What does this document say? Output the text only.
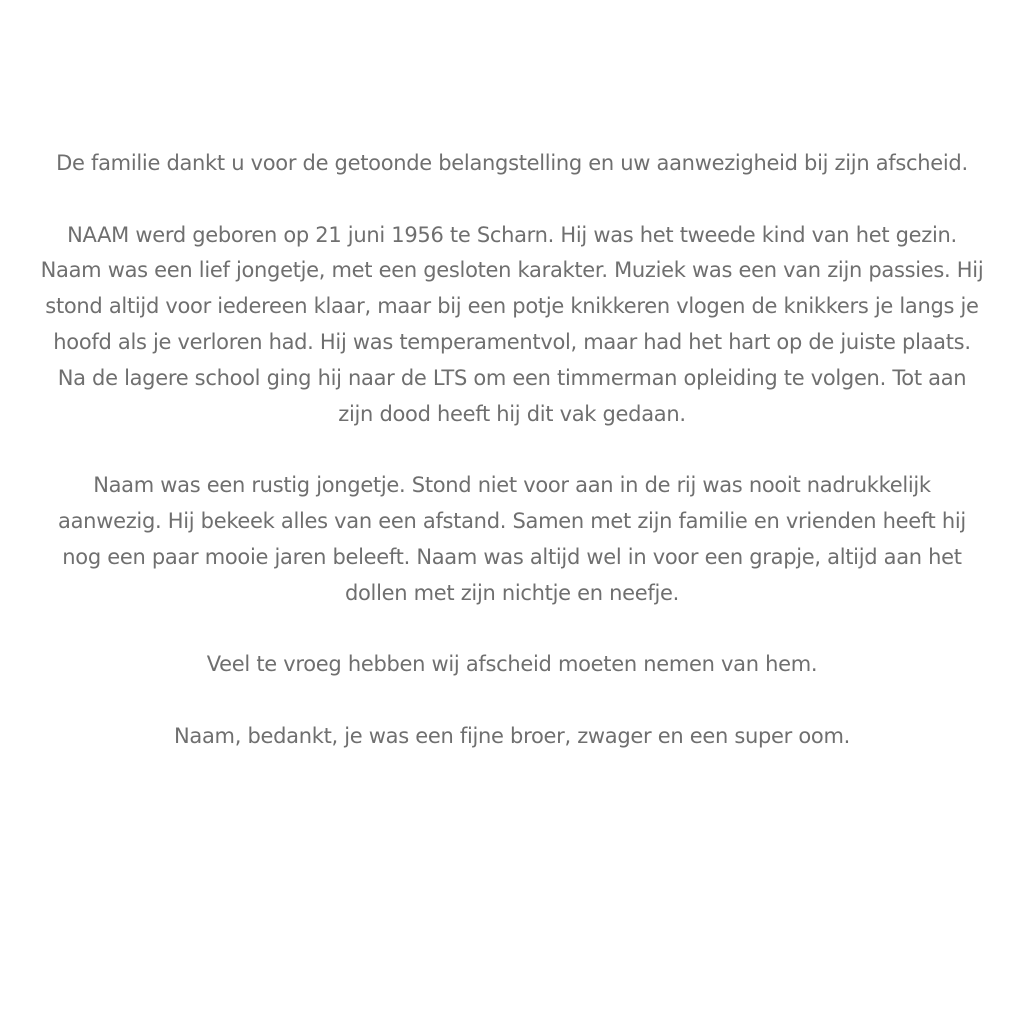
De familie dankt u voor de getoonde belangstelling en uw aanwezigheid bij zijn afscheid.

NAAM werd geboren op 21 juni 1956 te Scharn. Hij was het tweede kind van het gezin.
Naam was een lief jongetje, met een gesloten karakter. Muziek was een van zijn passies. Hij stond altijd voor iedereen klaar, maar bij een potje knikkeren vlogen de knikkers je langs je hoofd als je verloren had. Hij was temperamentvol, maar had het hart op de juiste plaats. Na de lagere school ging hij naar de LTS om een timmerman opleiding te volgen. Tot aan zijn dood heeft hij dit vak gedaan.

Naam was een rustig jongetje. Stond niet voor aan in de rij was nooit nadrukkelijk aanwezig. Hij bekeek alles van een afstand. Samen met zijn familie en vrienden heeft hij nog een paar mooie jaren beleeft. Naam was altijd wel in voor een grapje, altijd aan het dollen met zijn nichtje en neefje.

Veel te vroeg hebben wij afscheid moeten nemen van hem.

Naam, bedankt, je was een fijne broer, zwager en een super oom.
